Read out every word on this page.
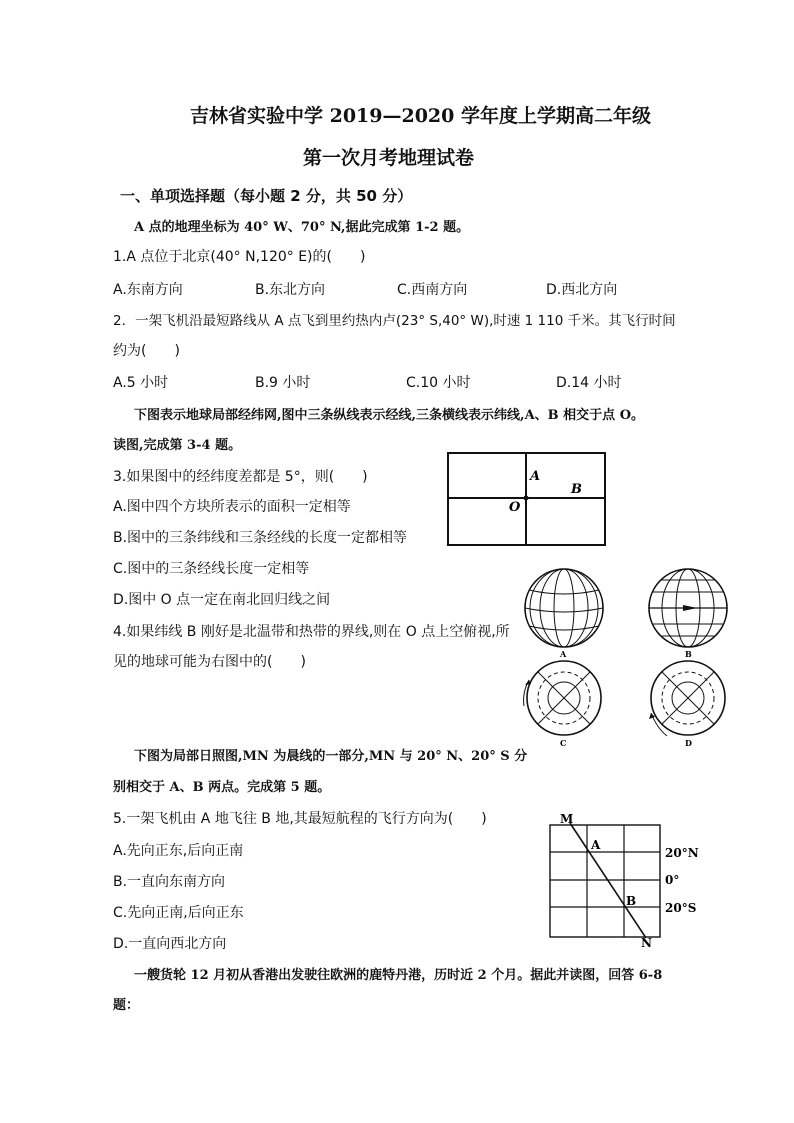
吉林省实验中学 2019—2020 学年度上学期高二年级
第一次月考地理试卷
一、单项选择题（每小题 2 分，共 50 分）
A 点的地理坐标为 40° W、70° N,据此完成第 1-2 题。
1.A 点位于北京(40° N,120° E)的(　　)
A.东南方向	B.东北方向	C.西南方向	D.西北方向
2．一架飞机沿最短路线从 A 点飞到里约热内卢(23° S,40° W),时速 1 110 千米。其飞行时间
约为(　　)
A.5 小时	B.9 小时	C.10 小时	D.14 小时
下图表示地球局部经纬网,图中三条纵线表示经线,三条横线表示纬线,A、B 相交于点 O。
读图,完成第 3-4 题。
3.如果图中的经纬度差都是 5°，则(　　)
A.图中四个方块所表示的面积一定相等
B.图中的三条纬线和三条经线的长度一定都相等
C.图中的三条经线长度一定相等
D.图中 O 点一定在南北回归线之间
4.如果纬线 B 刚好是北温带和热带的界线,则在 O 点上空俯视,所
见的地球可能为右图中的(　　)
A
B
O
A	B
C	D
下图为局部日照图,MN 为晨线的一部分,MN 与 20° N、20° S 分
别相交于 A、B 两点。完成第 5 题。
5.一架飞机由 A 地飞往 B 地,其最短航程的飞行方向为(　　)
A.先向正东,后向正南
B.一直向东南方向
C.先向正南,后向正东
D.一直向西北方向
M
A
B
N
20°N
0°
20°S
一艘货轮 12 月初从香港出发驶往欧洲的鹿特丹港，历时近 2 个月。据此并读图，回答 6-8
题：
